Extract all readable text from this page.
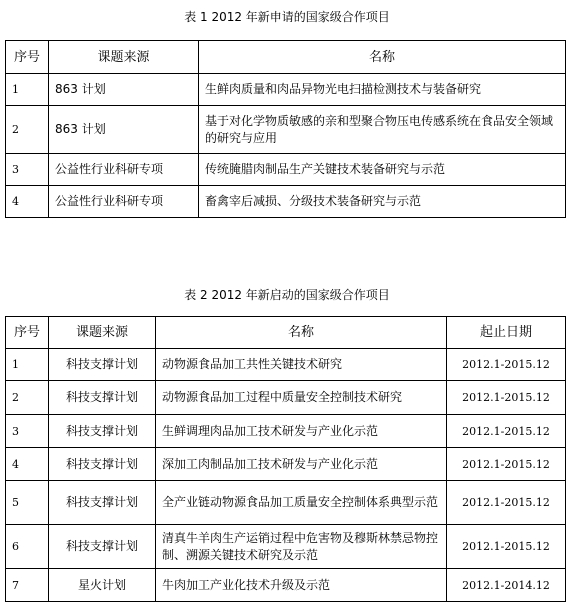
表 1 2012 年新申请的国家级合作项目
序号	课题来源	名称
1	863 计划	生鲜肉质量和肉品异物光电扫描检测技术与装备研究
2	863 计划	基于对化学物质敏感的亲和型聚合物压电传感系统在食品安全领域的研究与应用
3	公益性行业科研专项	传统腌腊肉制品生产关键技术装备研究与示范
4	公益性行业科研专项	畜禽宰后减损、分级技术装备研究与示范
表 2 2012 年新启动的国家级合作项目
序号	课题来源	名称	起止日期
1	科技支撑计划	动物源食品加工共性关键技术研究	2012.1-2015.12
2	科技支撑计划	动物源食品加工过程中质量安全控制技术研究	2012.1-2015.12
3	科技支撑计划	生鲜调理肉品加工技术研发与产业化示范	2012.1-2015.12
4	科技支撑计划	深加工肉制品加工技术研发与产业化示范	2012.1-2015.12
5	科技支撑计划	全产业链动物源食品加工质量安全控制体系典型示范	2012.1-2015.12
6	科技支撑计划	清真牛羊肉生产运销过程中危害物及穆斯林禁忌物控制、溯源关键技术研究及示范	2012.1-2015.12
7	星火计划	牛肉加工产业化技术升级及示范	2012.1-2014.12
